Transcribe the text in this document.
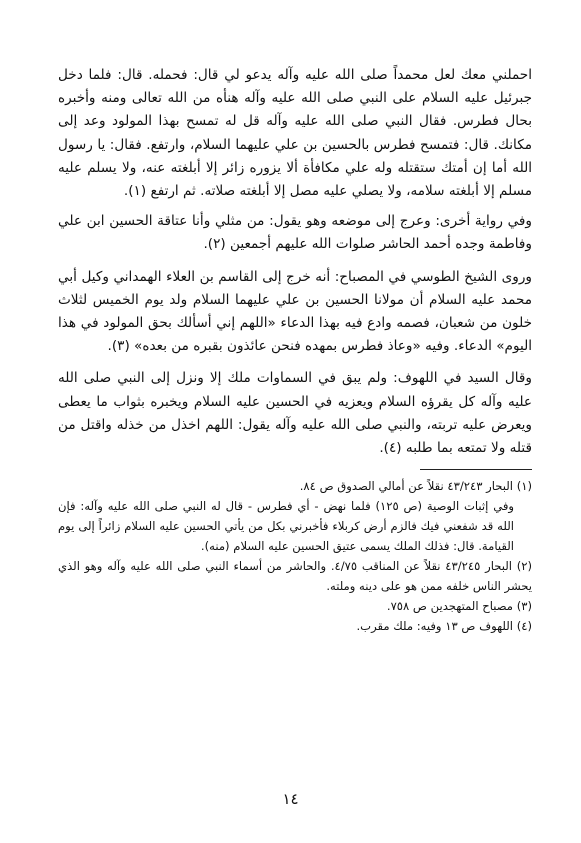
احملني معك لعل محمداً صلى الله عليه وآله يدعو لي قال: فحمله. قال: فلما دخل جبرئيل عليه السلام على النبي صلى الله عليه وآله هنأه من الله تعالى ومنه وأخبره بحال فطرس. فقال النبي صلى الله عليه وآله قل له تمسح بهذا المولود وعد إلى مكانك. قال: فتمسح فطرس بالحسين بن علي عليهما السلام، وارتفع. فقال: يا رسول الله أما إن أمتك ستقتله وله علي مكافأة ألا يزوره زائر إلا أبلغته عنه، ولا يسلم عليه مسلم إلا أبلغته سلامه، ولا يصلي عليه مصل إلا أبلغته صلاته. ثم ارتفع (١).

وفي رواية أخرى: وعرج إلى موضعه وهو يقول: من مثلي وأنا عتاقة الحسين ابن علي وفاطمة وجده أحمد الحاشر صلوات الله عليهم أجمعين (٢).

وروى الشيخ الطوسي في المصباح: أنه خرج إلى القاسم بن العلاء الهمداني وكيل أبي محمد عليه السلام أن مولانا الحسين بن علي عليهما السلام ولد يوم الخميس لثلاث خلون من شعبان، فصمه وادع فيه بهذا الدعاء «اللهم إني أسألك بحق المولود في هذا اليوم» الدعاء. وفيه «وعاذ فطرس بمهده فنحن عائذون بقبره من بعده» (٣).

وقال السيد في اللهوف: ولم يبق في السماوات ملك إلا ونزل إلى النبي صلى الله عليه وآله كل يقرؤه السلام ويعزيه في الحسين عليه السلام ويخبره بثواب ما يعطى ويعرض عليه تربته، والنبي صلى الله عليه وآله يقول: اللهم اخذل من خذله واقتل من قتله ولا تمتعه بما طلبه (٤).

(١) البحار ٤٣/٢٤٣ نقلاً عن أمالي الصدوق ص ٨٤.

وفي إثبات الوصية (ص ١٢٥) فلما نهض - أي فطرس - قال له النبي صلى الله عليه وآله: فإن الله قد شفعني فيك فالزم أرض كربلاء فأخبرني بكل من يأتي الحسين عليه السلام زائراً إلى يوم القيامة. قال: فذلك الملك يسمى عتيق الحسين عليه السلام (منه).

(٢) البحار ٤٣/٢٤٥ نقلاً عن المناقب ٤/٧٥. والحاشر من أسماء النبي صلى الله عليه وآله وهو الذي يحشر الناس خلفه ممن هو على دينه وملته.

(٣) مصباح المتهجدين ص ٧٥٨.

(٤) اللهوف ص ١٣ وفيه: ملك مقرب.

١٤
